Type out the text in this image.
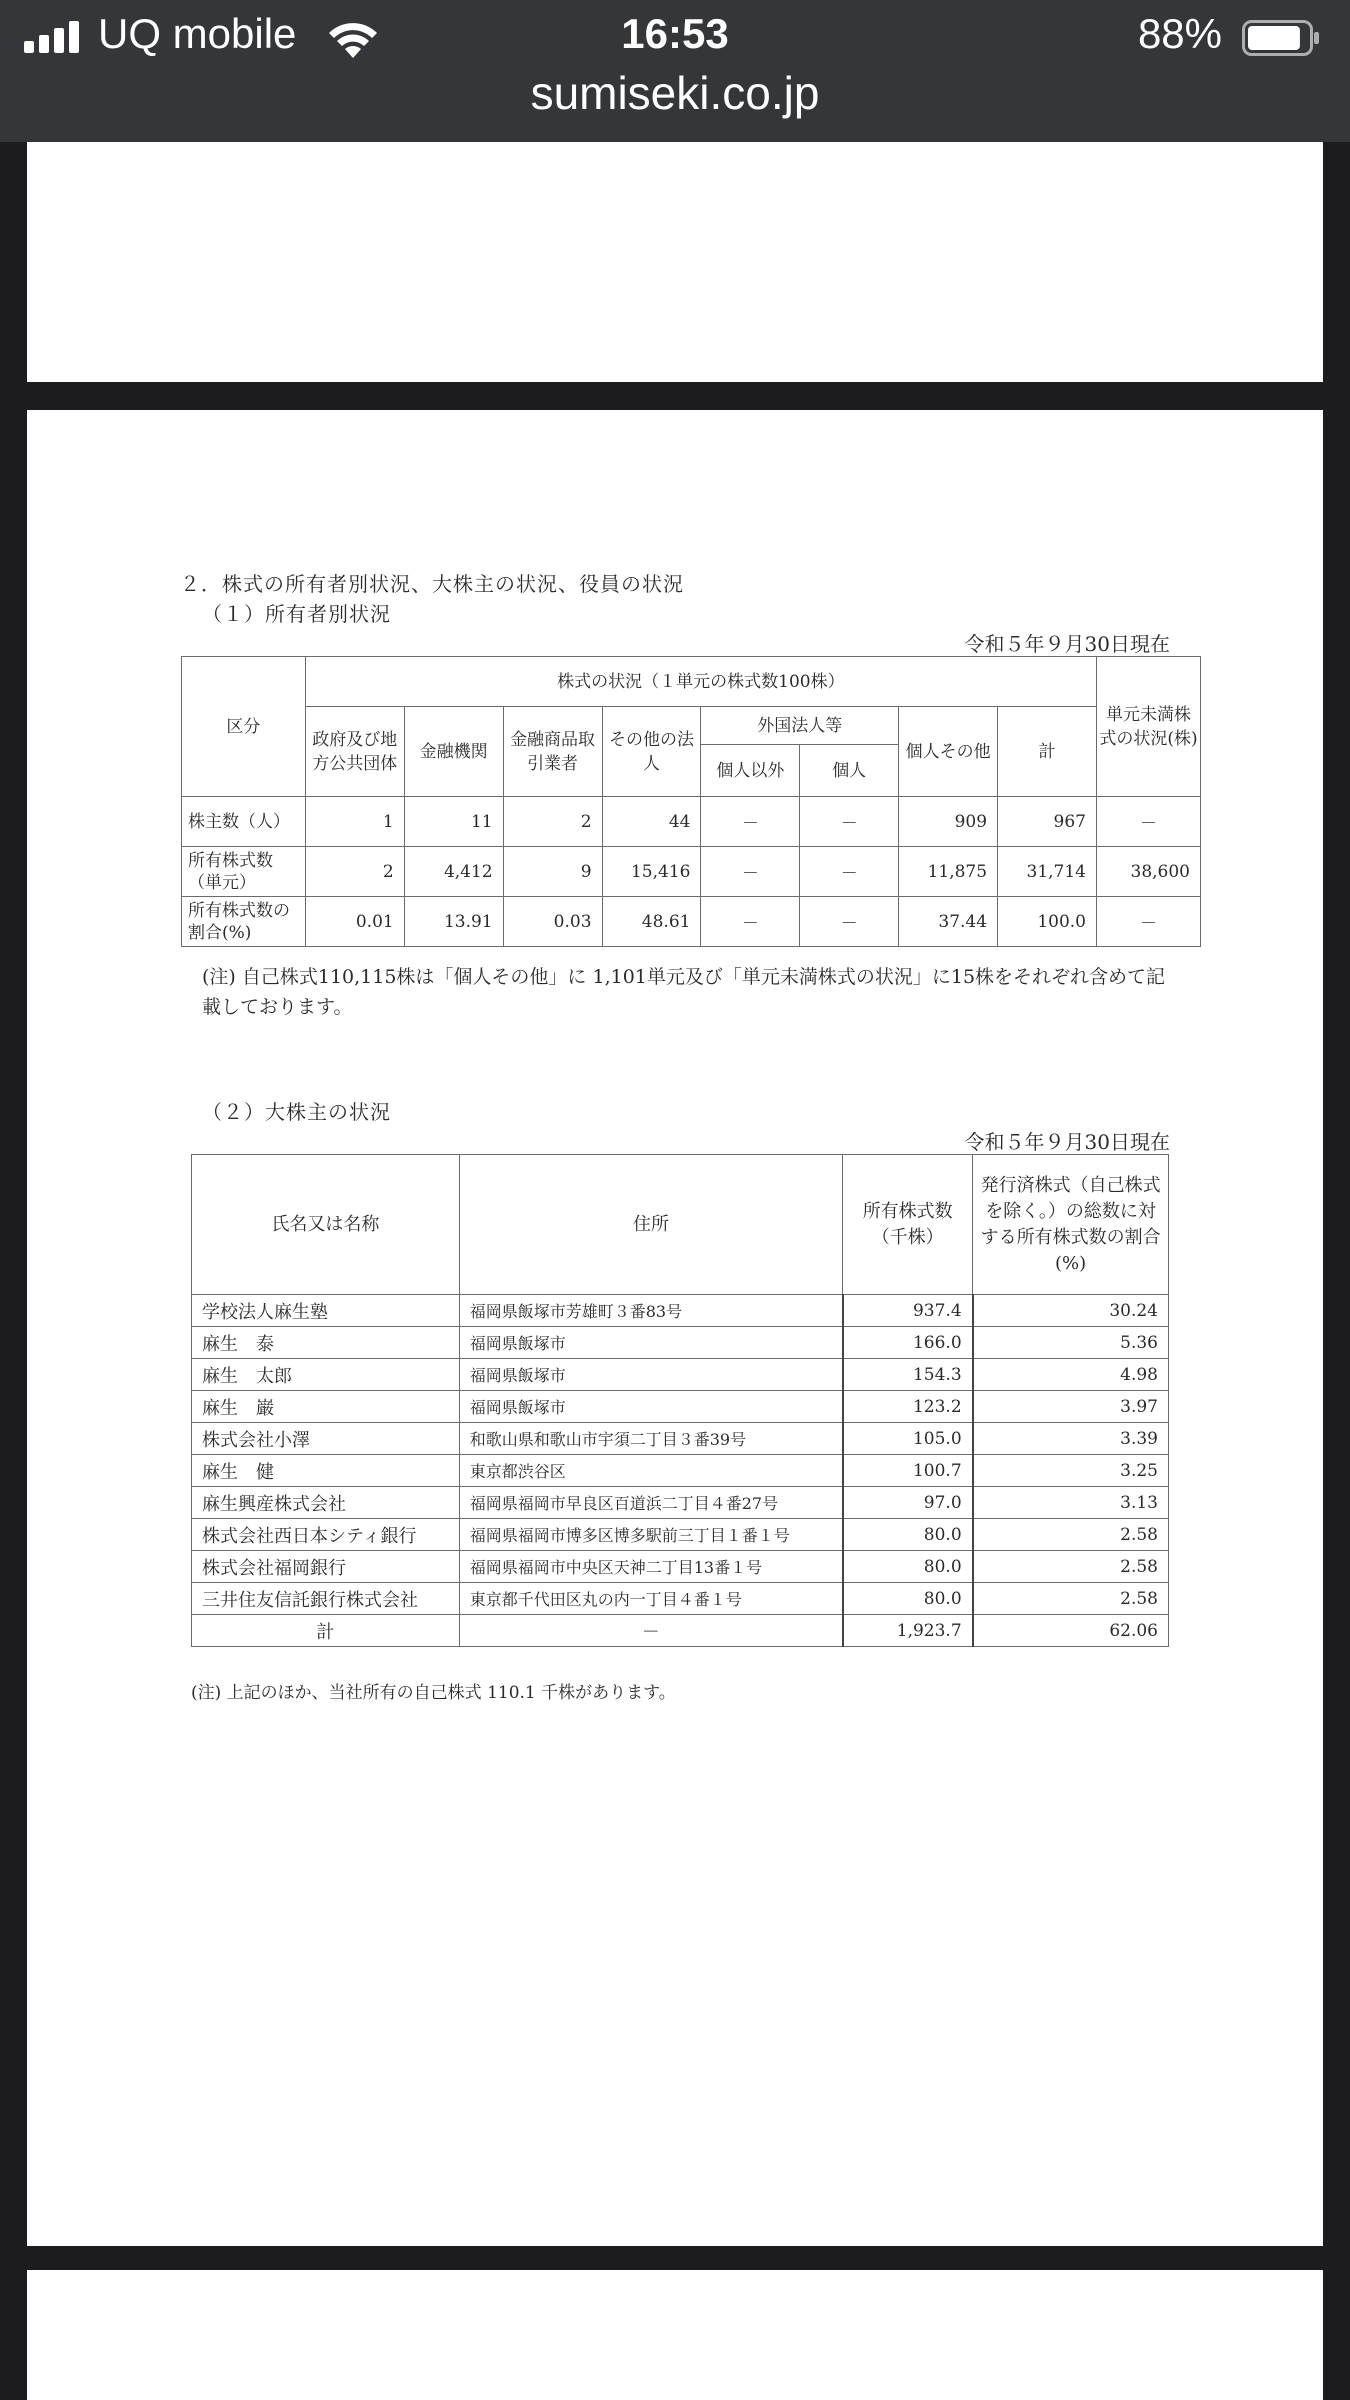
UQ mobile	16:53	88%
sumiseki.co.jp
２．株式の所有者別状況、大株主の状況、役員の状況
（１）所有者別状況
令和５年９月30日現在
区分	株式の状況（１単元の株式数100株）								単元未満株式の状況(株)
	政府及び地方公共団体	金融機関	金融商品取引業者	その他の法人	外国法人等		個人その他	計	
					個人以外	個人			
株主数（人）	1	11	2	44	－	－	909	967	－
所有株式数（単元）	2	4,412	9	15,416	－	－	11,875	31,714	38,600
所有株式数の割合(%)	0.01	13.91	0.03	48.61	－	－	37.44	100.0	－
(注) 自己株式110,115株は「個人その他」に 1,101単元及び「単元未満株式の状況」に15株をそれぞれ含めて記載しております。
（２）大株主の状況
令和５年９月30日現在
氏名又は名称	住所	所有株式数（千株）	発行済株式（自己株式を除く。）の総数に対する所有株式数の割合(%)
学校法人麻生塾	福岡県飯塚市芳雄町３番83号	937.4	30.24
麻生　泰	福岡県飯塚市	166.0	5.36
麻生　太郎	福岡県飯塚市	154.3	4.98
麻生　巌	福岡県飯塚市	123.2	3.97
株式会社小澤	和歌山県和歌山市宇須二丁目３番39号	105.0	3.39
麻生　健	東京都渋谷区	100.7	3.25
麻生興産株式会社	福岡県福岡市早良区百道浜二丁目４番27号	97.0	3.13
株式会社西日本シティ銀行	福岡県福岡市博多区博多駅前三丁目１番１号	80.0	2.58
株式会社福岡銀行	福岡県福岡市中央区天神二丁目13番１号	80.0	2.58
三井住友信託銀行株式会社	東京都千代田区丸の内一丁目４番１号	80.0	2.58
計	－	1,923.7	62.06
(注) 上記のほか、当社所有の自己株式 110.1 千株があります。
